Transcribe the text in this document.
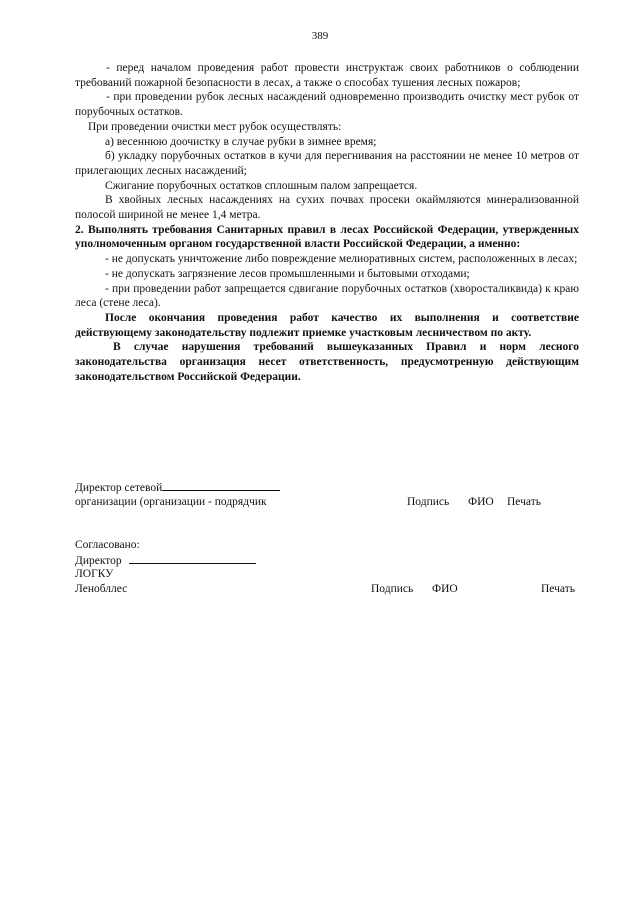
389

- перед началом проведения работ провести инструктаж своих работников о соблюдении требований пожарной безопасности в лесах, а также о способах тушения лесных пожаров;

- при проведении рубок лесных насаждений одновременно производить очистку мест рубок от порубочных остатков.

При проведении очистки мест рубок осуществлять:

а) весеннюю доочистку в случае рубки в зимнее время;

б) укладку порубочных остатков в кучи для перегнивания на расстоянии не менее 10 метров от прилегающих лесных насаждений;

Сжигание порубочных остатков сплошным палом запрещается.

В хвойных лесных насаждениях на сухих почвах просеки окаймляются минерализованной полосой шириной не менее 1,4 метра.

2. Выполнять требования Санитарных правил в лесах Российской Федерации, утвержденных уполномоченным органом государственной власти Российской Федерации, а именно:

- не допускать уничтожение либо повреждение мелиоративных систем, расположенных в лесах;

- не допускать загрязнение лесов промышленными и бытовыми отходами;

- при проведении работ запрещается сдвигание порубочных остатков (хворосталиквида) к краю леса (стене леса).

После окончания проведения работ качество их выполнения и соответствие действующему законодательству подлежит приемке участковым лесничеством по акту.

В случае нарушения требований вышеуказанных Правил и норм лесного законодательства организация несет ответственность, предусмотренную действующим законодательством Российской Федерации.

Директор сетевой
организации (организации - подрядчик	Подпись ФИО Печать
Согласовано:
Директор
ЛОГКУ
Ленобллес	Подпись ФИО	Печать
